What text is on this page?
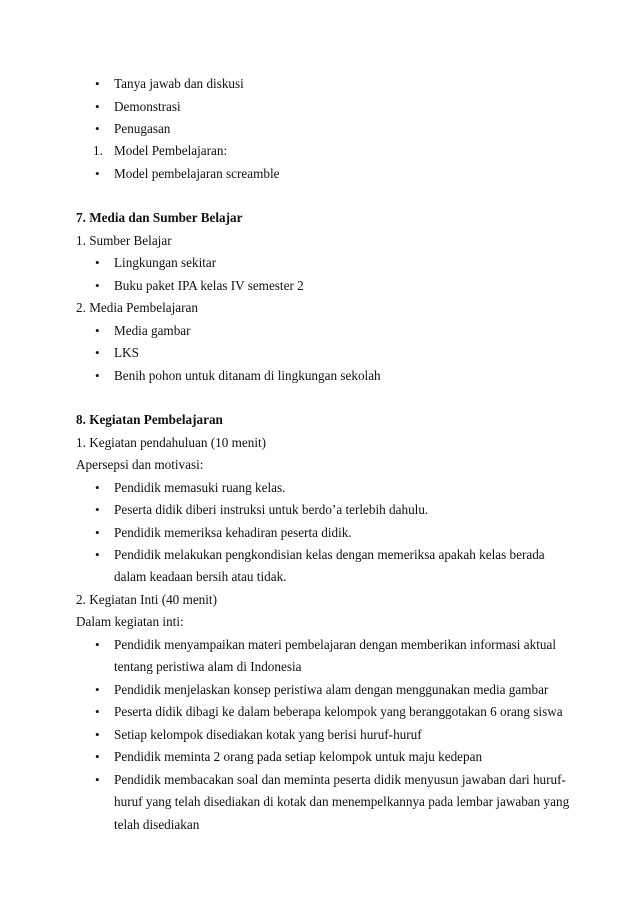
• Tanya jawab dan diskusi
• Demonstrasi
• Penugasan
1. Model Pembelajaran:
• Model pembelajaran screamble
7. Media dan Sumber Belajar
1. Sumber Belajar
• Lingkungan sekitar
• Buku paket IPA kelas IV semester 2
2. Media Pembelajaran
• Media gambar
• LKS
• Benih pohon untuk ditanam di lingkungan sekolah
8. Kegiatan Pembelajaran
1. Kegiatan pendahuluan (10 menit)
Apersepsi dan motivasi:
• Pendidik memasuki ruang kelas.
• Peserta didik diberi instruksi untuk berdo’a terlebih dahulu.
• Pendidik memeriksa kehadiran peserta didik.
• Pendidik melakukan pengkondisian kelas dengan memeriksa apakah kelas berada
dalam keadaan bersih atau tidak.
2. Kegiatan Inti (40 menit)
Dalam kegiatan inti:
• Pendidik menyampaikan materi pembelajaran dengan memberikan informasi aktual
tentang peristiwa alam di Indonesia
• Pendidik menjelaskan konsep peristiwa alam dengan menggunakan media gambar
• Peserta didik dibagi ke dalam beberapa kelompok yang beranggotakan 6 orang siswa
• Setiap kelompok disediakan kotak yang berisi huruf-huruf
• Pendidik meminta 2 orang pada setiap kelompok untuk maju kedepan
• Pendidik membacakan soal dan meminta peserta didik menyusun jawaban dari huruf-
huruf yang telah disediakan di kotak dan menempelkannya pada lembar jawaban yang
telah disediakan
